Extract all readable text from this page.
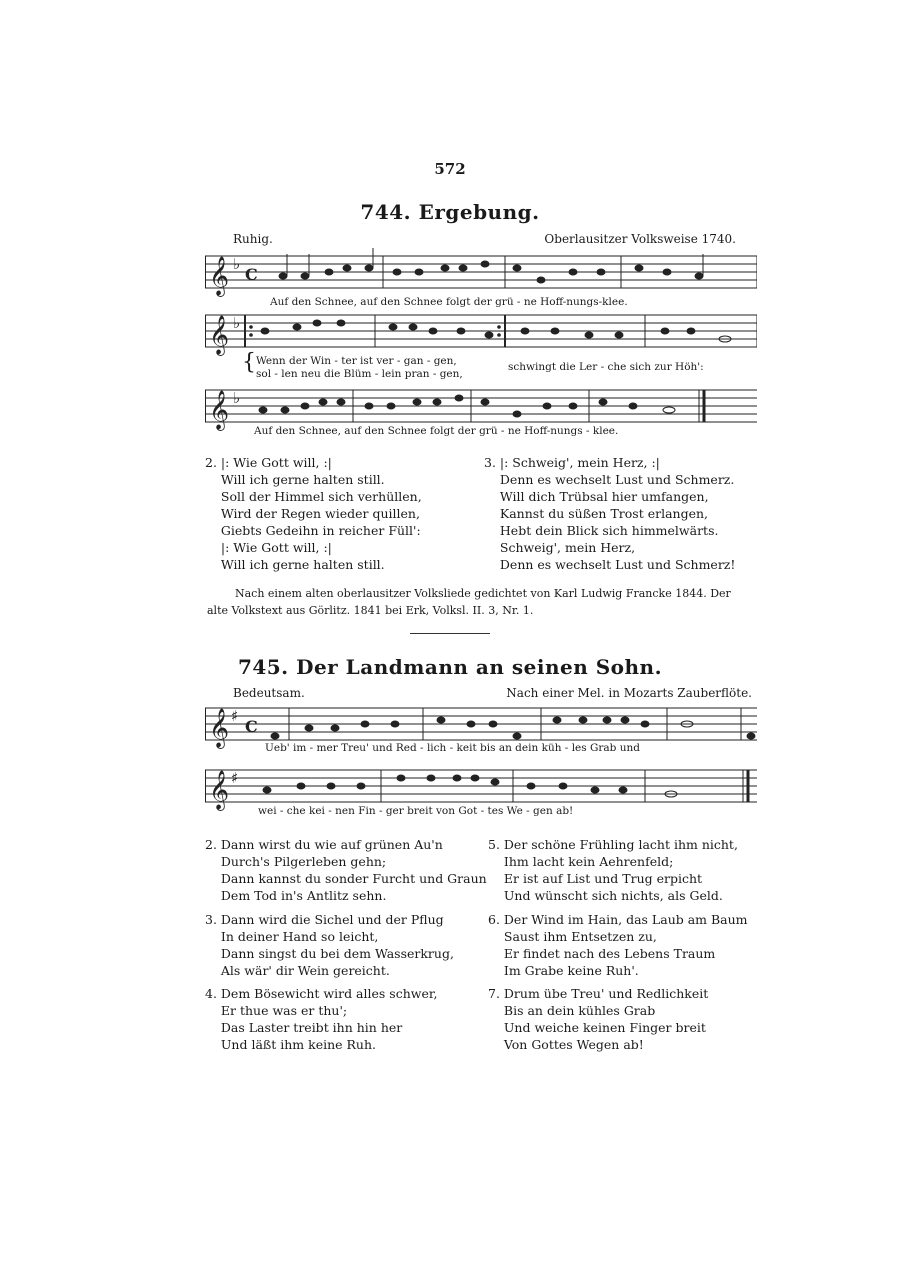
572
744. Ergebung.
Ruhig.	Oberlausitzer Volksweise 1740.
𝄞 ♭
C
Auf den Schnee, auf den Schnee folgt der grü - ne Hoff-nungs-klee.
𝄞 ♭
{ Wenn der Win - ter ist ver - gan - gen,
sol - len neu die Blüm - lein pran - gen,
schwingt die Ler - che sich zur Höh':
𝄞 ♭
Auf den Schnee, auf den Schnee folgt der grü - ne Hoff-nungs - klee.
2. |: Wie Gott will, :|
Will ich gerne halten still.
Soll der Himmel sich verhüllen,
Wird der Regen wieder quillen,
Giebts Gedeihn in reicher Füll':
|: Wie Gott will, :|
Will ich gerne halten still.
3. |: Schweig', mein Herz, :|
Denn es wechselt Lust und Schmerz.
Will dich Trübsal hier umfangen,
Kannst du süßen Trost erlangen,
Hebt dein Blick sich himmelwärts.
Schweig', mein Herz,
Denn es wechselt Lust und Schmerz!
Nach einem alten oberlausitzer Volksliede gedichtet von Karl Ludwig Francke 1844. Der alte Volkstext aus Görlitz. 1841 bei Erk, Volksl. II. 3, Nr. 1.
745. Der Landmann an seinen Sohn.
Bedeutsam.	Nach einer Mel. in Mozarts Zauberflöte.
𝄞 ♯
C
Ueb' im - mer Treu' und Red - lich - keit bis an dein küh - les Grab und
𝄞 ♯
wei - che kei - nen Fin - ger breit von Got - tes We - gen ab!
2. Dann wirst du wie auf grünen Au'n
Durch's Pilgerleben gehn;
Dann kannst du sonder Furcht und Graun
Dem Tod in's Antlitz sehn.
3. Dann wird die Sichel und der Pflug
In deiner Hand so leicht,
Dann singst du bei dem Wasserkrug,
Als wär' dir Wein gereicht.
4. Dem Bösewicht wird alles schwer,
Er thue was er thu';
Das Laster treibt ihn hin her
Und läßt ihm keine Ruh.
5. Der schöne Frühling lacht ihm nicht,
Ihm lacht kein Aehrenfeld;
Er ist auf List und Trug erpicht
Und wünscht sich nichts, als Geld.
6. Der Wind im Hain, das Laub am Baum
Saust ihm Entsetzen zu,
Er findet nach des Lebens Traum
Im Grabe keine Ruh'.
7. Drum übe Treu' und Redlichkeit
Bis an dein kühles Grab
Und weiche keinen Finger breit
Von Gottes Wegen ab!
